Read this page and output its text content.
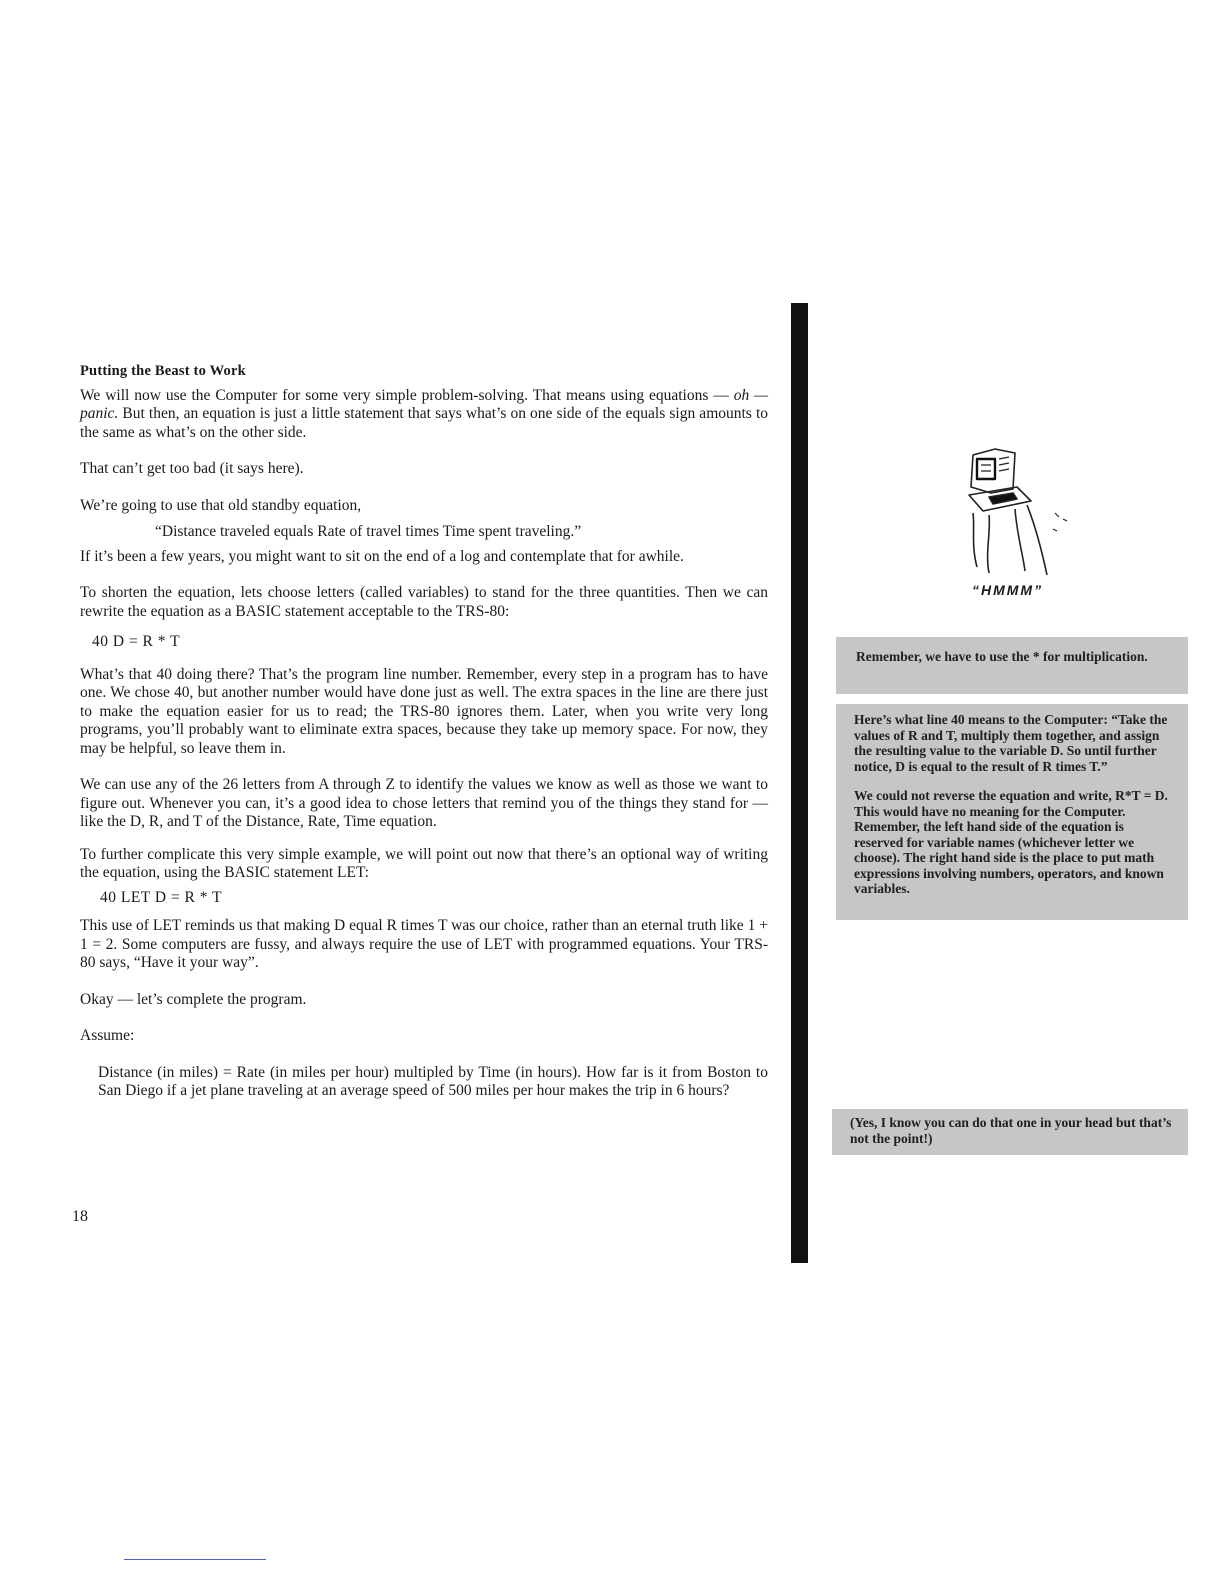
Putting the Beast to Work

We will now use the Computer for some very simple problem-solving. That means using equations — oh — panic. But then, an equation is just a little statement that says what’s on one side of the equals sign amounts to the same as what’s on the other side.

That can’t get too bad (it says here).

We’re going to use that old standby equation,

“Distance traveled equals Rate of travel times Time spent traveling.”

If it’s been a few years, you might want to sit on the end of a log and contemplate that for awhile.

To shorten the equation, lets choose letters (called variables) to stand for the three quantities. Then we can rewrite the equation as a BASIC statement acceptable to the TRS-80:

40 D = R * T

What’s that 40 doing there? That’s the program line number. Remember, every step in a program has to have one. We chose 40, but another number would have done just as well. The extra spaces in the line are there just to make the equation easier for us to read; the TRS-80 ignores them. Later, when you write very long programs, you’ll probably want to eliminate extra spaces, because they take up memory space. For now, they may be helpful, so leave them in.

We can use any of the 26 letters from A through Z to identify the values we know as well as those we want to figure out. Whenever you can, it’s a good idea to chose letters that remind you of the things they stand for — like the D, R, and T of the Distance, Rate, Time equation.

To further complicate this very simple example, we will point out now that there’s an optional way of writing the equation, using the BASIC statement LET:

40 LET D = R * T

This use of LET reminds us that making D equal R times T was our choice, rather than an eternal truth like 1 + 1 = 2. Some computers are fussy, and always require the use of LET with programmed equations. Your TRS-80 says, “Have it your way”.

Okay — let’s complete the program.

Assume:

Distance (in miles) = Rate (in miles per hour) multipled by Time (in hours). How far is it from Boston to San Diego if a jet plane traveling at an average speed of 500 miles per hour makes the trip in 6 hours?

18
“HMMM”

Remember, we have to use the * for multiplication.

Here’s what line 40 means to the Computer: “Take the values of R and T, multiply them together, and assign the resulting value to the variable D. So until further notice, D is equal to the result of R times T.”

We could not reverse the equation and write, R*T = D. This would have no meaning for the Computer. Remember, the left hand side of the equation is reserved for variable names (whichever letter we choose). The right hand side is the place to put math expressions involving numbers, operators, and known variables.

(Yes, I know you can do that one in your head but that’s not the point!)
